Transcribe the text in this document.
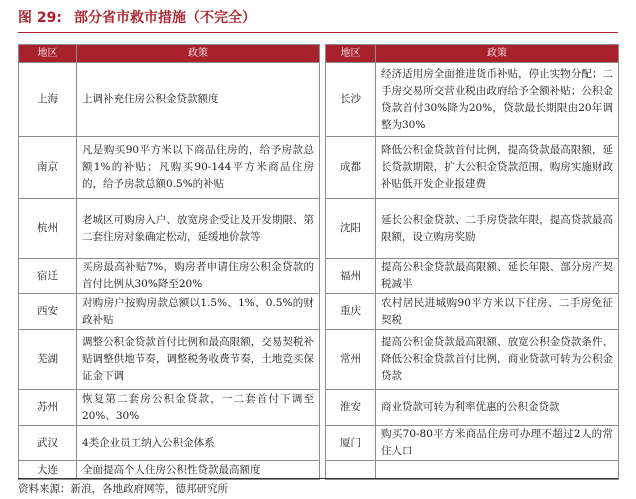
图 29: 部分省市救市措施（不完全）
地区	政策		地区	政策
上海	上调补充住房公积金贷款额度		长沙	经济适用房全面推进货币补贴，停止实物分配；二手房交易所交营业税由政府给予全额补贴；公积金贷款首付30%降为20%，贷款最长期限由20年调整为30%
南京	凡是购买90平方米以下商品住房的，给予房款总额1%的补贴；凡购买90-144平方米商品住房的，给予房款总额0.5%的补贴		成都	降低公积金贷款首付比例，提高贷款最高限额，延长贷款期限，扩大公积金贷款范围，购房实施财政补贴低开发企业报建费
杭州	老城区可购房入户、放宽房企受让及开发期限、第二套住房对象确定松动，延缓地价款等		沈阳	延长公积金贷款、二手房贷款年限，提高贷款最高限额，设立购房奖励
宿迁	买房最高补贴7%，购房者申请住房公积金贷款的首付比例从30%降至20%		福州	提高公积金贷款最高限额、延长年限、部分房产契税减半
西安	对购房户按购房款总额以1.5%、1%、0.5%的财政补贴		重庆	农村居民进城购90平方米以下住房、二手房免征契税
芜湖	调整公积金贷款首付比例和最高限额，交易契税补贴调整供地节奏，调整税务收费节奏，土地竞买保证金下调		常州	提高公积金贷款最高限额、放宽公积金贷款条件、降低公积金贷款首付比例，商业贷款可转为公积金贷款
苏州	恢复第二套房公积金贷款，一二套首付下调至20%、30%		淮安	商业贷款可转为利率优惠的公积金贷款
武汉	4类企业员工纳入公积金体系		厦门	购买70-80平方米商品住房可办理不超过2人的常住人口
大连	全面提高个人住房公积性贷款最高额度			
资料来源：新浪，各地政府网等，德邦研究所
